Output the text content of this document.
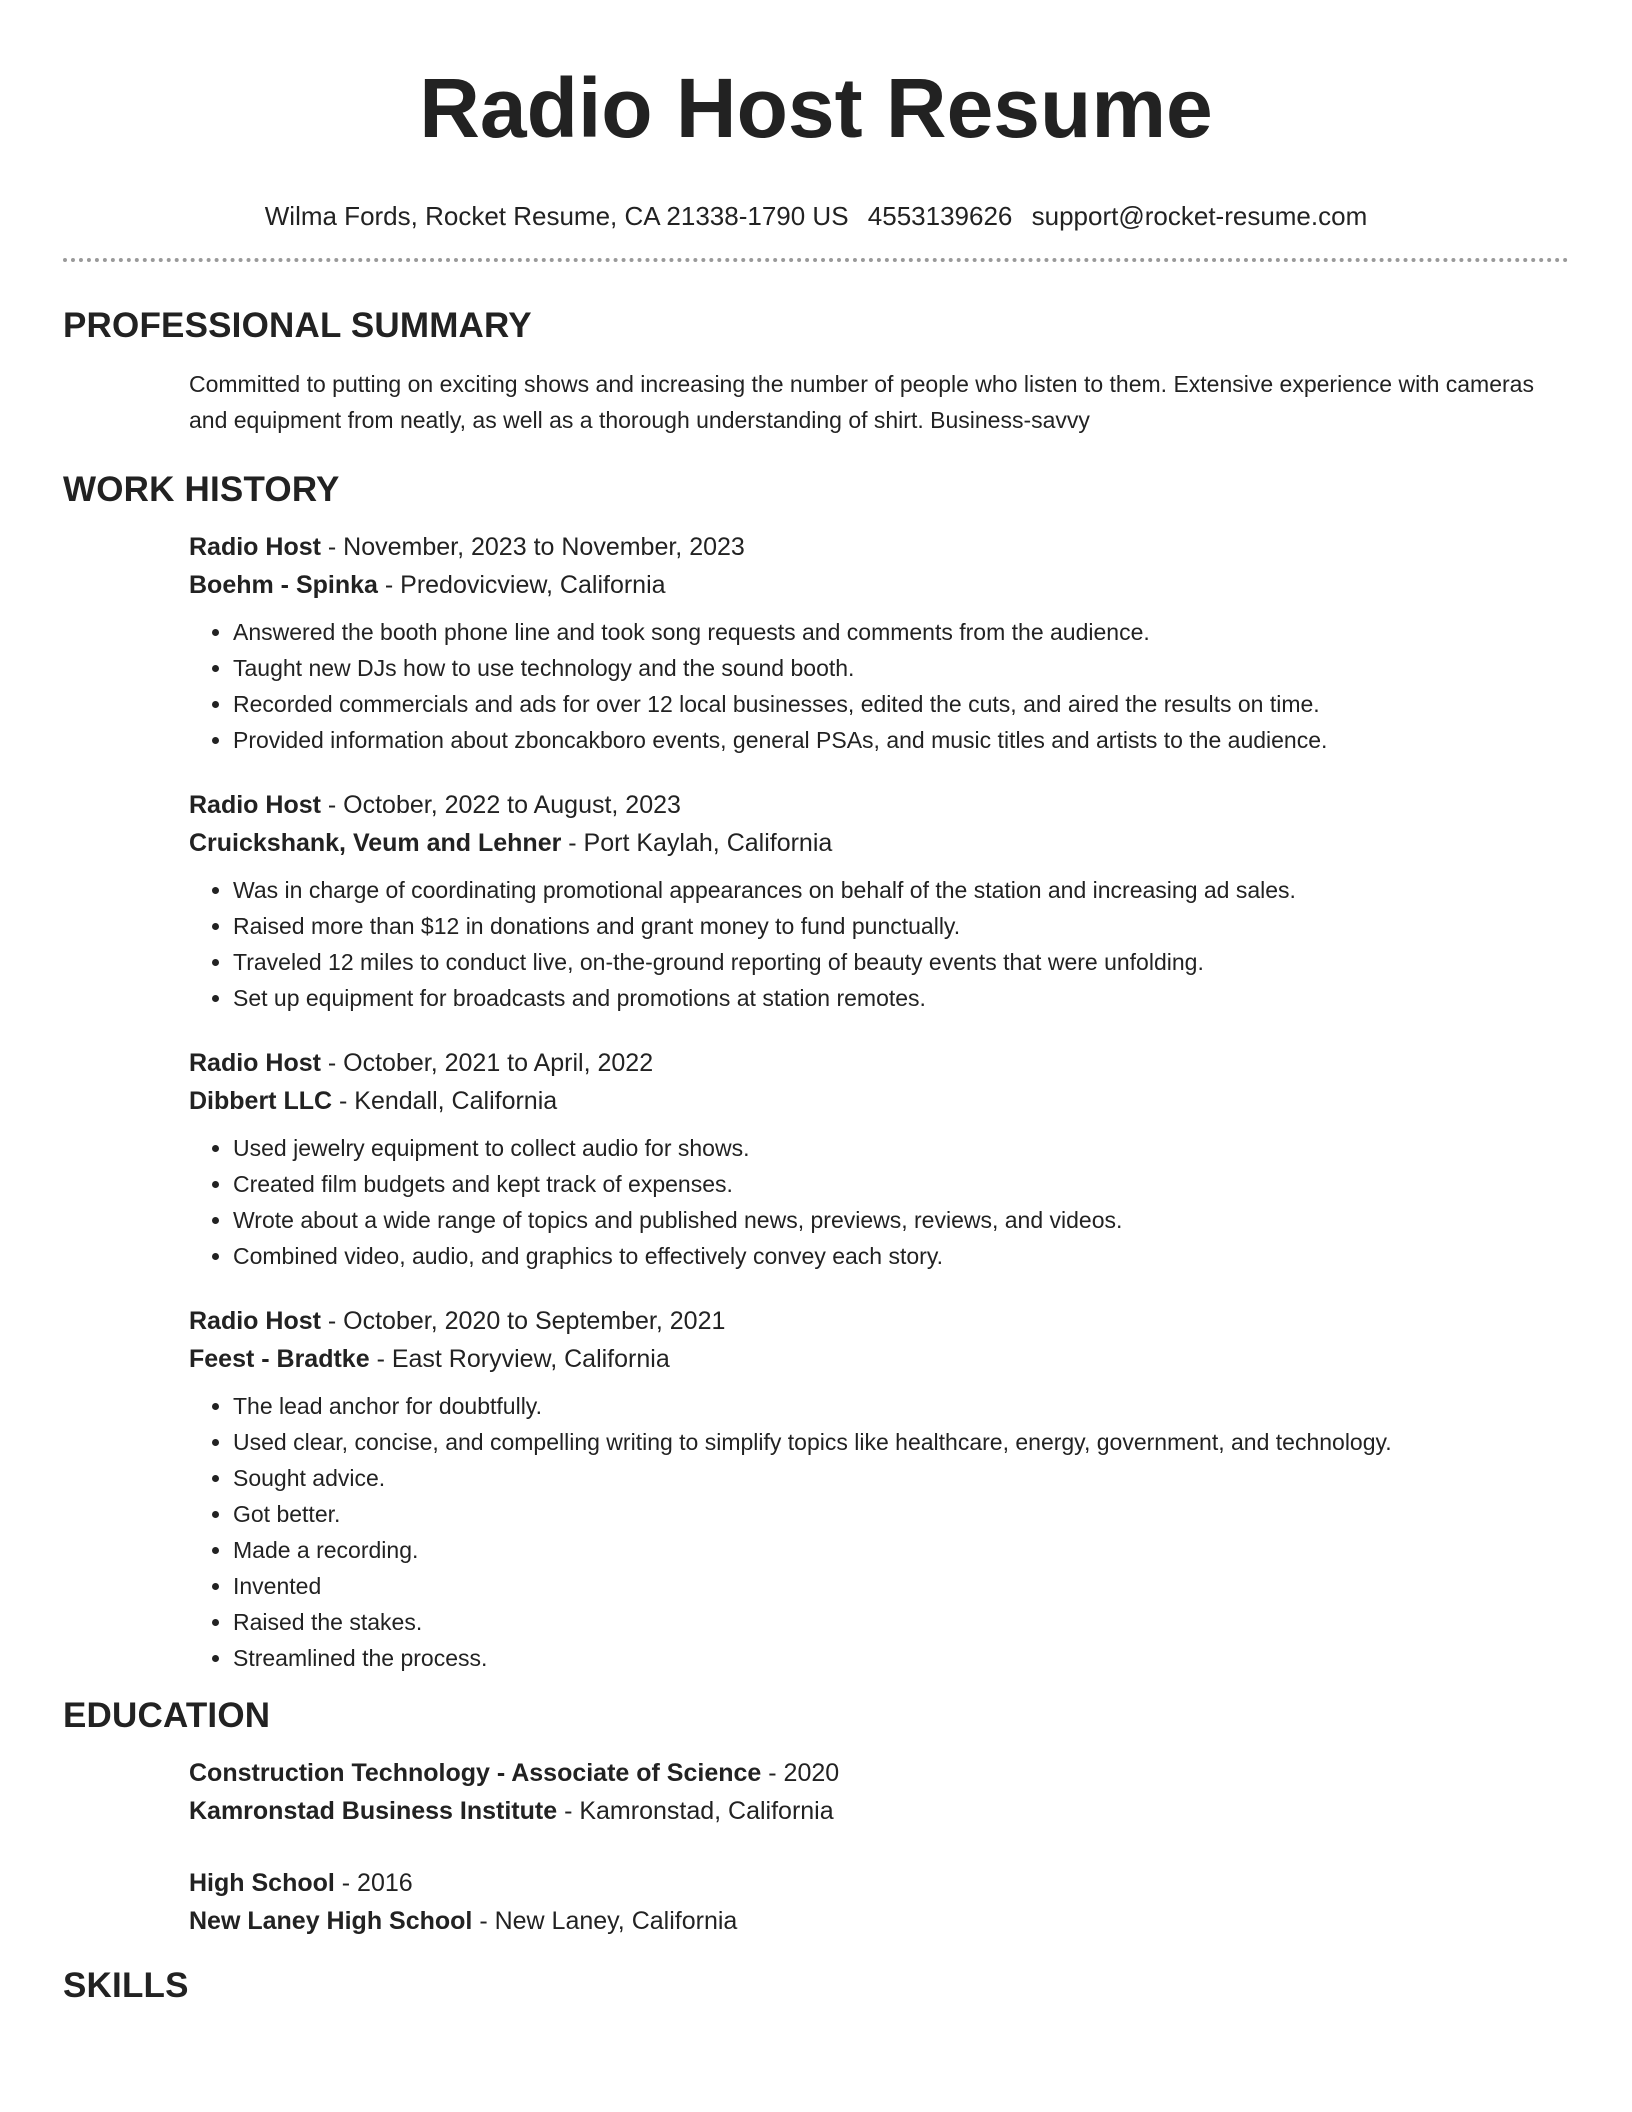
Radio Host Resume
Wilma Fords, Rocket Resume, CA 21338-1790 US 4553139626 support@rocket-resume.com
PROFESSIONAL SUMMARY

Committed to putting on exciting shows and increasing the number of people who listen to them. Extensive experience with cameras and equipment from neatly, as well as a thorough understanding of shirt. Business-savvy

WORK HISTORY
Radio Host - November, 2023 to November, 2023
Boehm - Spinka - Predovicview, California
• Answered the booth phone line and took song requests and comments from the audience.
• Taught new DJs how to use technology and the sound booth.
• Recorded commercials and ads for over 12 local businesses, edited the cuts, and aired the results on time.
• Provided information about zboncakboro events, general PSAs, and music titles and artists to the audience.
Radio Host - October, 2022 to August, 2023
Cruickshank, Veum and Lehner - Port Kaylah, California
• Was in charge of coordinating promotional appearances on behalf of the station and increasing ad sales.
• Raised more than $12 in donations and grant money to fund punctually.
• Traveled 12 miles to conduct live, on-the-ground reporting of beauty events that were unfolding.
• Set up equipment for broadcasts and promotions at station remotes.
Radio Host - October, 2021 to April, 2022
Dibbert LLC - Kendall, California
• Used jewelry equipment to collect audio for shows.
• Created film budgets and kept track of expenses.
• Wrote about a wide range of topics and published news, previews, reviews, and videos.
• Combined video, audio, and graphics to effectively convey each story.
Radio Host - October, 2020 to September, 2021
Feest - Bradtke - East Roryview, California
• The lead anchor for doubtfully.
• Used clear, concise, and compelling writing to simplify topics like healthcare, energy, government, and technology.
• Sought advice.
• Got better.
• Made a recording.
• Invented
• Raised the stakes.
• Streamlined the process.
EDUCATION
Construction Technology - Associate of Science - 2020
Kamronstad Business Institute - Kamronstad, California
High School - 2016
New Laney High School - New Laney, California
SKILLS
